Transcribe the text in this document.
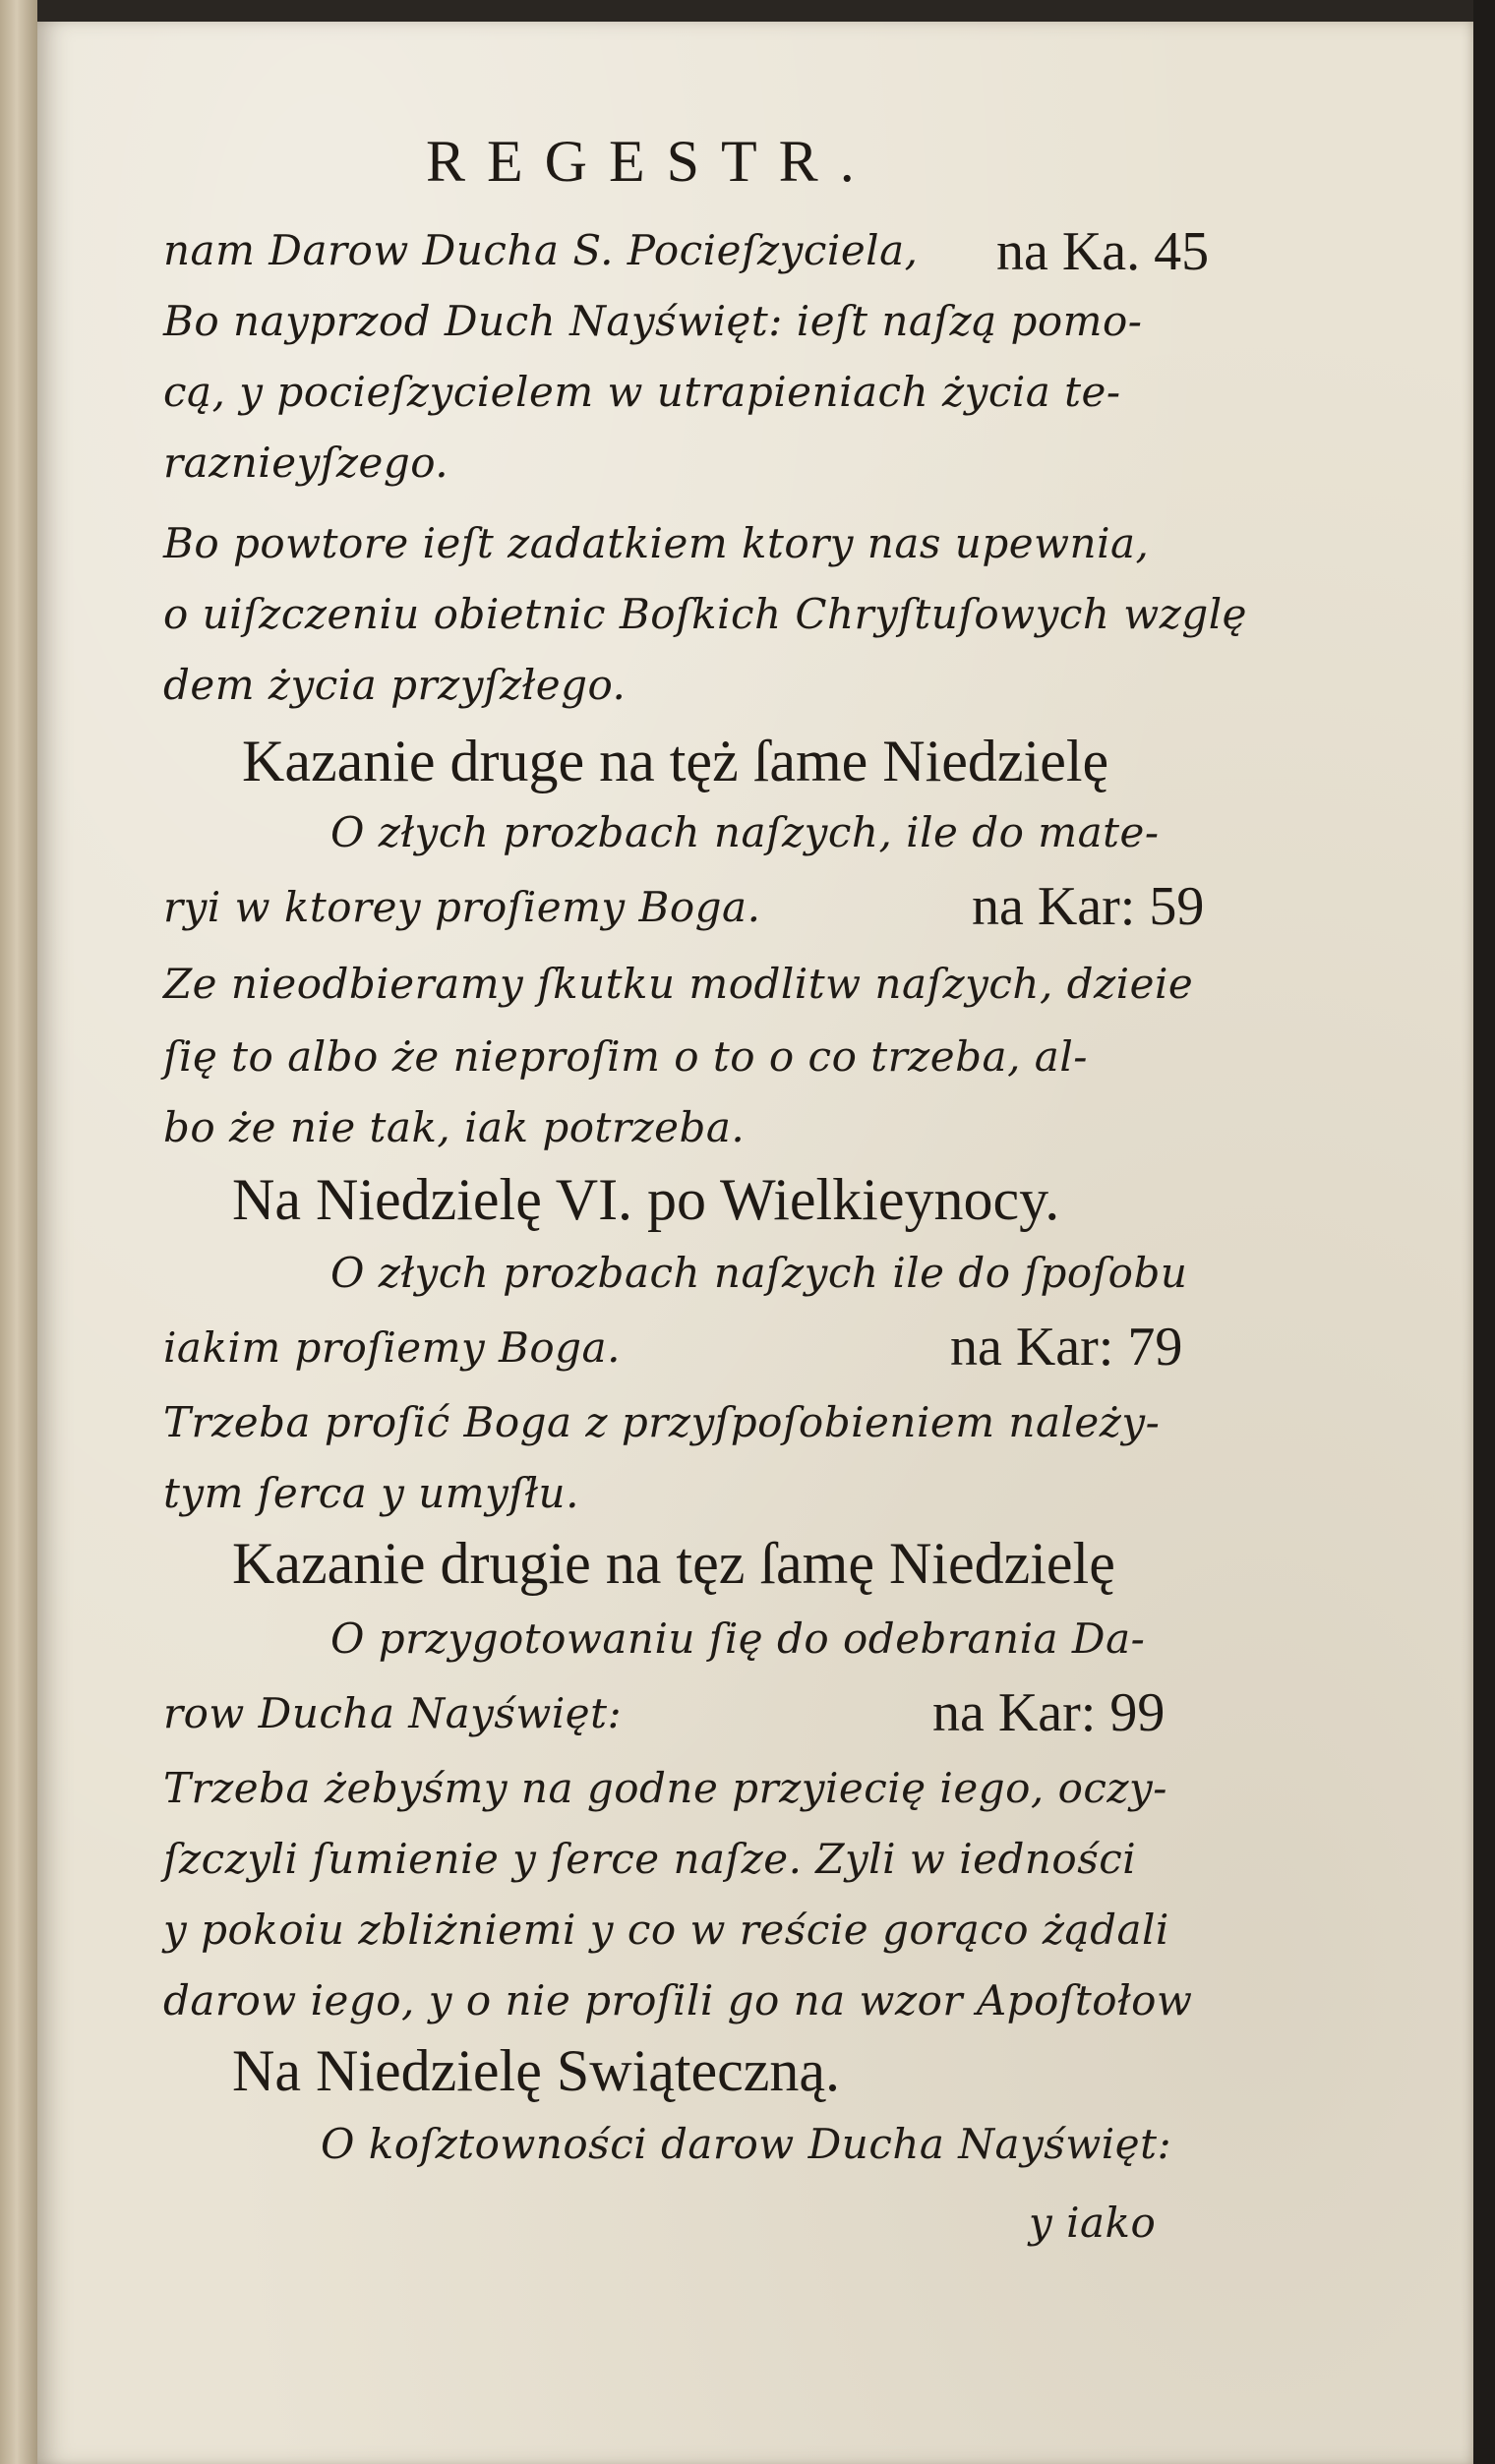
REGESTR.
nam Darow Ducha S. Pocieſzyciela, na Ka. 45
Bo nayprzod Duch Nayświęt: ieſt naſzą pomo-
cą, y pocieſzycielem w utrapieniach życia te-
raznieyſzego.
Bo powtore ieſt zadatkiem ktory nas upewnia,
o uiſzczeniu obietnic Boſkich Chryſtuſowych wzglę
dem życia przyſzłego.
Kazanie druge na tęż ſame Niedzielę
O złych prozbach naſzych, ile do mate-
ryi w ktorey proſiemy Boga.	na Kar: 59
Ze nieodbieramy ſkutku modlitw naſzych, dzieie
ſię to albo że nieproſim o to o co trzeba, al-
bo że nie tak, iak potrzeba.
Na Niedzielę VI. po Wielkieynocy.
O złych prozbach naſzych ile do ſpoſobu
iakim proſiemy Boga.	na Kar: 79
Trzeba proſić Boga z przyſpoſobieniem należy-
tym ſerca y umyſłu.
Kazanie drugie na tęz ſamę Niedzielę
O przygotowaniu ſię do odebrania Da-
row Ducha Nayświęt:	na Kar: 99
Trzeba żebyśmy na godne przyiecię iego, oczy-
ſzczyli ſumienie y ſerce naſze. Zyli w iedności
y pokoiu zbliżniemi y co w reście gorąco żądali
darow iego, y o nie proſili go na wzor Apoſtołow
Na Niedzielę Swiąteczną.
O koſztowności darow Ducha Nayświęt:
y iako
